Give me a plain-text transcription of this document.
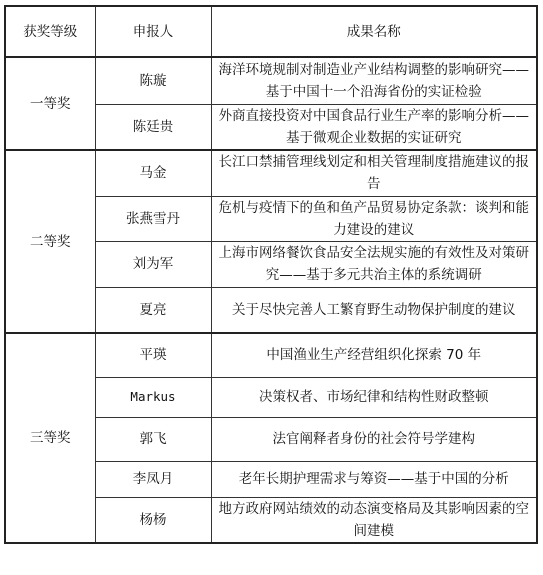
获奖等级	申报人	成果名称
一等奖	陈璇	海洋环境规制对制造业产业结构调整的影响研究——基于中国十一个沿海省份的实证检验
	陈廷贵	外商直接投资对中国食品行业生产率的影响分析——基于微观企业数据的实证研究
二等奖	马金	长江口禁捕管理线划定和相关管理制度措施建议的报告
	张燕雪丹	危机与疫情下的鱼和鱼产品贸易协定条款：谈判和能力建设的建议
	刘为军	上海市网络餐饮食品安全法规实施的有效性及对策研究——基于多元共治主体的系统调研
	夏亮	关于尽快完善人工繁育野生动物保护制度的建议
三等奖	平瑛	中国渔业生产经营组织化探索 70 年
	Markus	决策权者、市场纪律和结构性财政整顿
	郭飞	法官阐释者身份的社会符号学建构
	李凤月	老年长期护理需求与筹资——基于中国的分析
	杨杨	地方政府网站绩效的动态演变格局及其影响因素的空间建模
